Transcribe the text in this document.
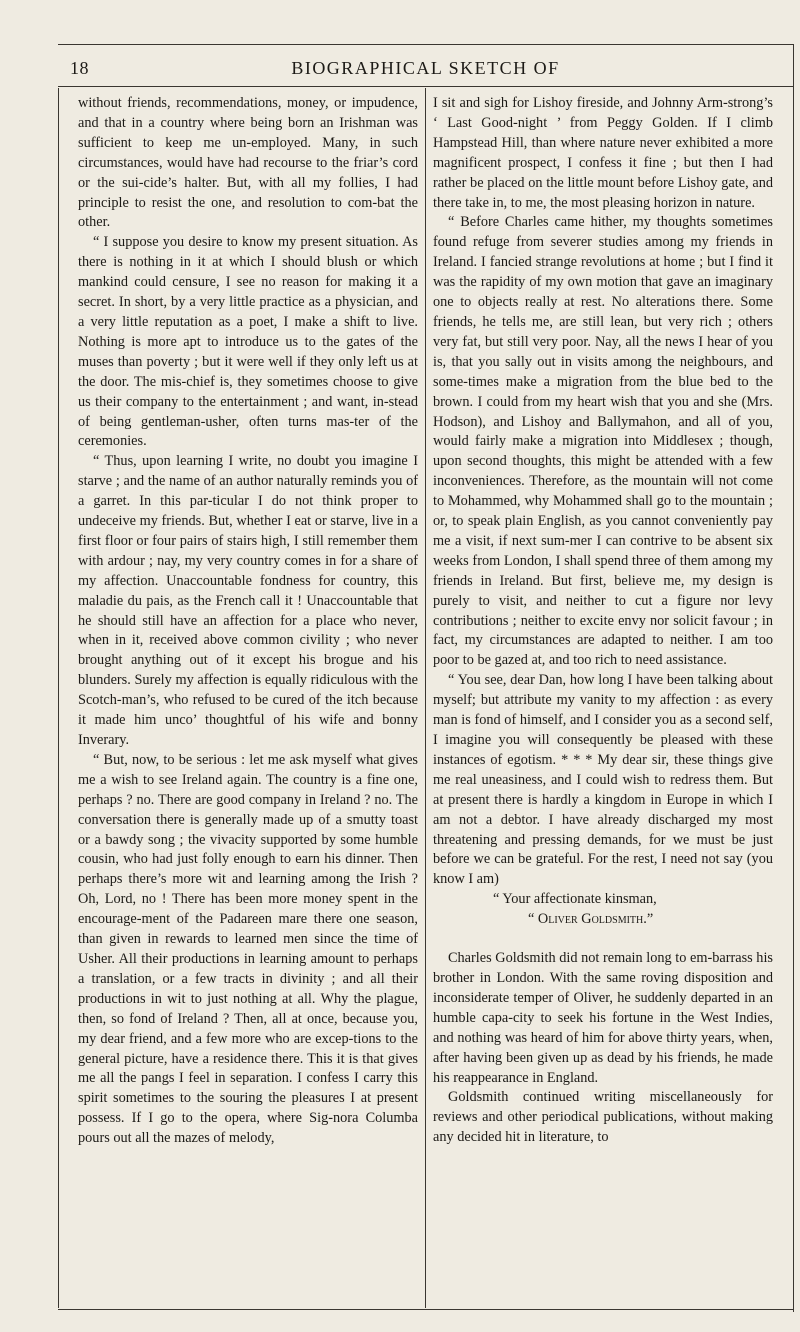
18	BIOGRAPHICAL SKETCH OF

without friends, recommendations, money, or impudence, and that in a country where being born an Irishman was sufficient to keep me un-employed. Many, in such circumstances, would have had recourse to the friar’s cord or the sui-cide’s halter. But, with all my follies, I had principle to resist the one, and resolution to com-bat the other.

“ I suppose you desire to know my present situation. As there is nothing in it at which I should blush or which mankind could censure, I see no reason for making it a secret. In short, by a very little practice as a physician, and a very little reputation as a poet, I make a shift to live. Nothing is more apt to introduce us to the gates of the muses than poverty ; but it were well if they only left us at the door. The mis-chief is, they sometimes choose to give us their company to the entertainment ; and want, in-stead of being gentleman-usher, often turns mas-ter of the ceremonies.

“ Thus, upon learning I write, no doubt you imagine I starve ; and the name of an author naturally reminds you of a garret. In this par-ticular I do not think proper to undeceive my friends. But, whether I eat or starve, live in a first floor or four pairs of stairs high, I still remember them with ardour ; nay, my very country comes in for a share of my affection. Unaccountable fondness for country, this maladie du pais, as the French call it ! Unaccountable that he should still have an affection for a place who never, when in it, received above common civility ; who never brought anything out of it except his brogue and his blunders. Surely my affection is equally ridiculous with the Scotch-man’s, who refused to be cured of the itch because it made him unco’ thoughtful of his wife and bonny Inverary.

“ But, now, to be serious : let me ask myself what gives me a wish to see Ireland again. The country is a fine one, perhaps ? no. There are good company in Ireland ? no. The conversation there is generally made up of a smutty toast or a bawdy song ; the vivacity supported by some humble cousin, who had just folly enough to earn his dinner. Then perhaps there’s more wit and learning among the Irish ? Oh, Lord, no ! There has been more money spent in the encourage-ment of the Padareen mare there one season, than given in rewards to learned men since the time of Usher. All their productions in learning amount to perhaps a translation, or a few tracts in divinity ; and all their productions in wit to just nothing at all. Why the plague, then, so fond of Ireland ? Then, all at once, because you, my dear friend, and a few more who are excep-tions to the general picture, have a residence there. This it is that gives me all the pangs I feel in separation. I confess I carry this spirit sometimes to the souring the pleasures I at present possess. If I go to the opera, where Sig-nora Columba pours out all the mazes of melody,

I sit and sigh for Lishoy fireside, and Johnny Arm-strong’s ‘ Last Good-night ’ from Peggy Golden. If I climb Hampstead Hill, than where nature never exhibited a more magnificent prospect, I confess it fine ; but then I had rather be placed on the little mount before Lishoy gate, and there take in, to me, the most pleasing horizon in nature.

“ Before Charles came hither, my thoughts sometimes found refuge from severer studies among my friends in Ireland. I fancied strange revolutions at home ; but I find it was the rapidity of my own motion that gave an imaginary one to objects really at rest. No alterations there. Some friends, he tells me, are still lean, but very rich ; others very fat, but still very poor. Nay, all the news I hear of you is, that you sally out in visits among the neighbours, and some-times make a migration from the blue bed to the brown. I could from my heart wish that you and she (Mrs. Hodson), and Lishoy and Ballymahon, and all of you, would fairly make a migration into Middlesex ; though, upon second thoughts, this might be attended with a few inconveniences. Therefore, as the mountain will not come to Mohammed, why Mohammed shall go to the mountain ; or, to speak plain English, as you cannot conveniently pay me a visit, if next sum-mer I can contrive to be absent six weeks from London, I shall spend three of them among my friends in Ireland. But first, believe me, my design is purely to visit, and neither to cut a figure nor levy contributions ; neither to excite envy nor solicit favour ; in fact, my circumstances are adapted to neither. I am too poor to be gazed at, and too rich to need assistance.

“ You see, dear Dan, how long I have been talking about myself; but attribute my vanity to my affection : as every man is fond of himself, and I consider you as a second self, I imagine you will consequently be pleased with these instances of egotism. * * * My dear sir, these things give me real uneasiness, and I could wish to redress them. But at present there is hardly a kingdom in Europe in which I am not a debtor. I have already discharged my most threatening and pressing demands, for we must be just before we can be grateful. For the rest, I need not say (you know I am)

“ Your affectionate kinsman,

“ Oliver Goldsmith.”

Charles Goldsmith did not remain long to em-barrass his brother in London. With the same roving disposition and inconsiderate temper of Oliver, he suddenly departed in an humble capa-city to seek his fortune in the West Indies, and nothing was heard of him for above thirty years, when, after having been given up as dead by his friends, he made his reappearance in England.

Goldsmith continued writing miscellaneously for reviews and other periodical publications, without making any decided hit in literature, to
